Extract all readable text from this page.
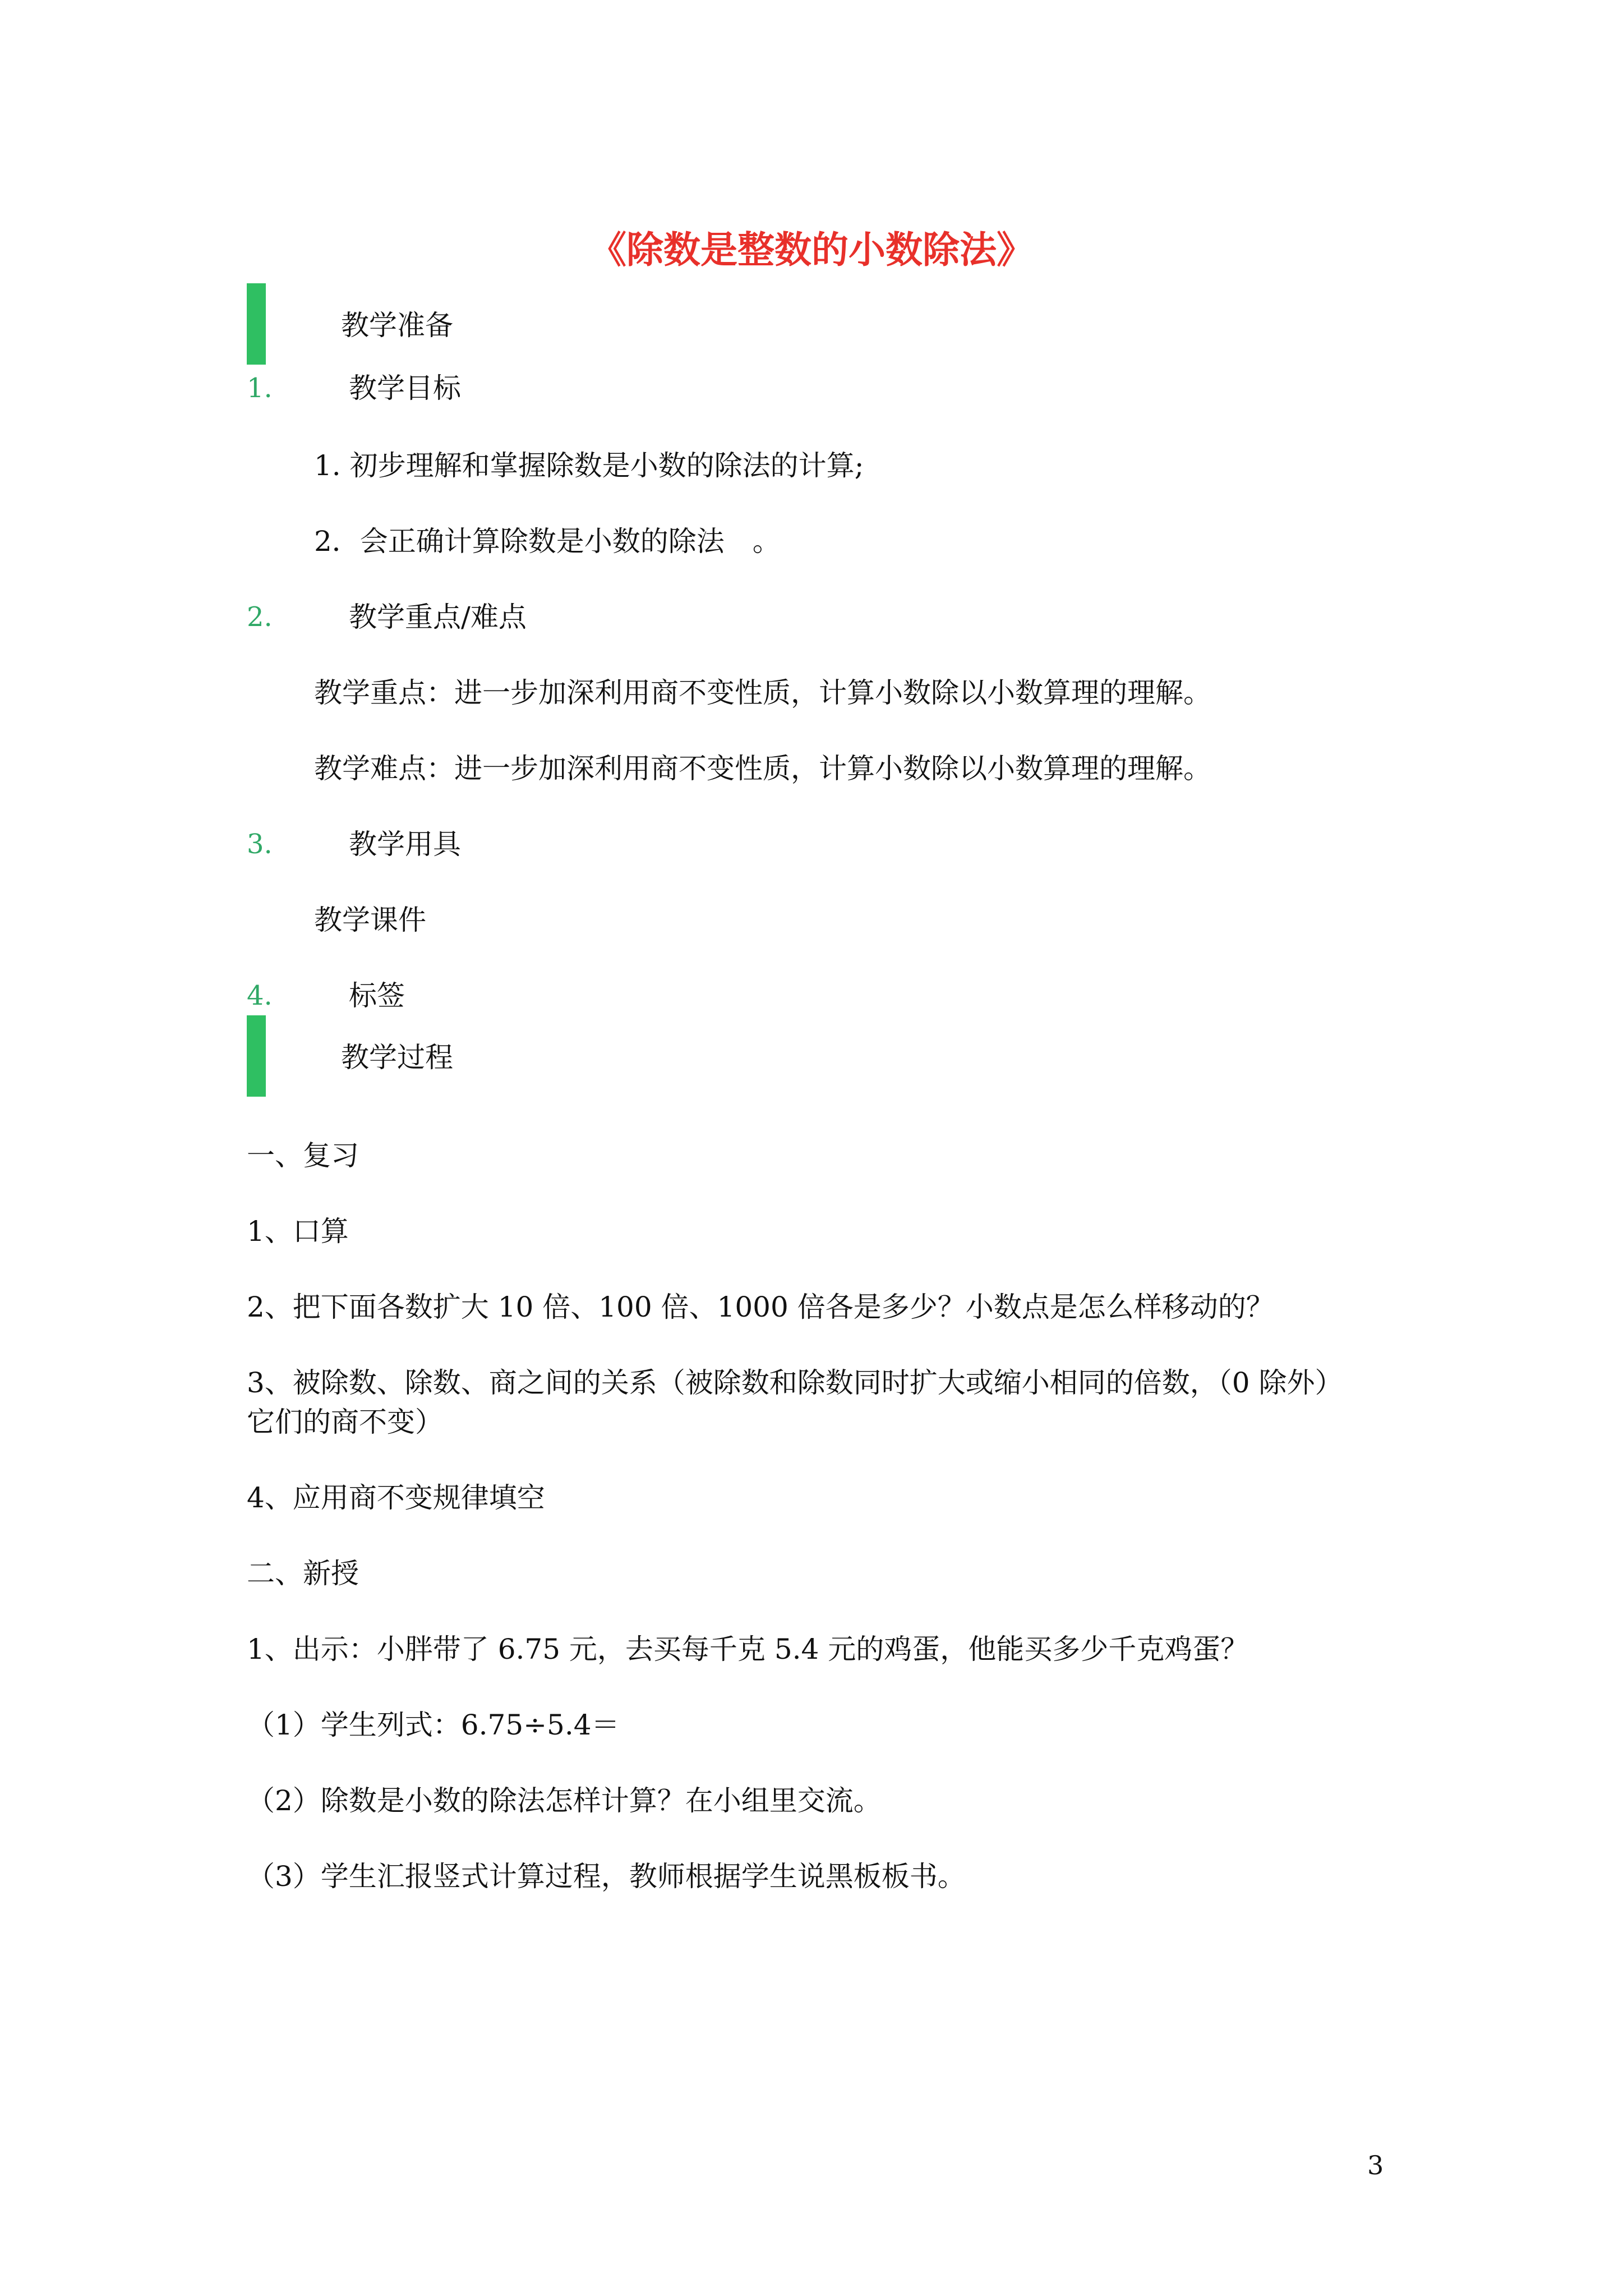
《除数是整数的小数除法》
教学准备
1.	教学目标
1. 初步理解和掌握除数是小数的除法的计算;
2．会正确计算除数是小数的除法　。
2.	教学重点/难点
教学重点：进一步加深利用商不变性质，计算小数除以小数算理的理解。
教学难点：进一步加深利用商不变性质，计算小数除以小数算理的理解。
3.	教学用具
教学课件
4.	标签
教学过程
一、复习
1、口算
2、把下面各数扩大 10 倍、100 倍、1000 倍各是多少？小数点是怎么样移动的？
3、被除数、除数、商之间的关系（被除数和除数同时扩大或缩小相同的倍数，（0 除外）
它们的商不变）
4、应用商不变规律填空
二、新授
1、出示：小胖带了 6.75 元，去买每千克 5.4 元的鸡蛋，他能买多少千克鸡蛋？
（1）学生列式：6.75÷5.4＝
（2）除数是小数的除法怎样计算？在小组里交流。
（3）学生汇报竖式计算过程，教师根据学生说黑板板书。
3
